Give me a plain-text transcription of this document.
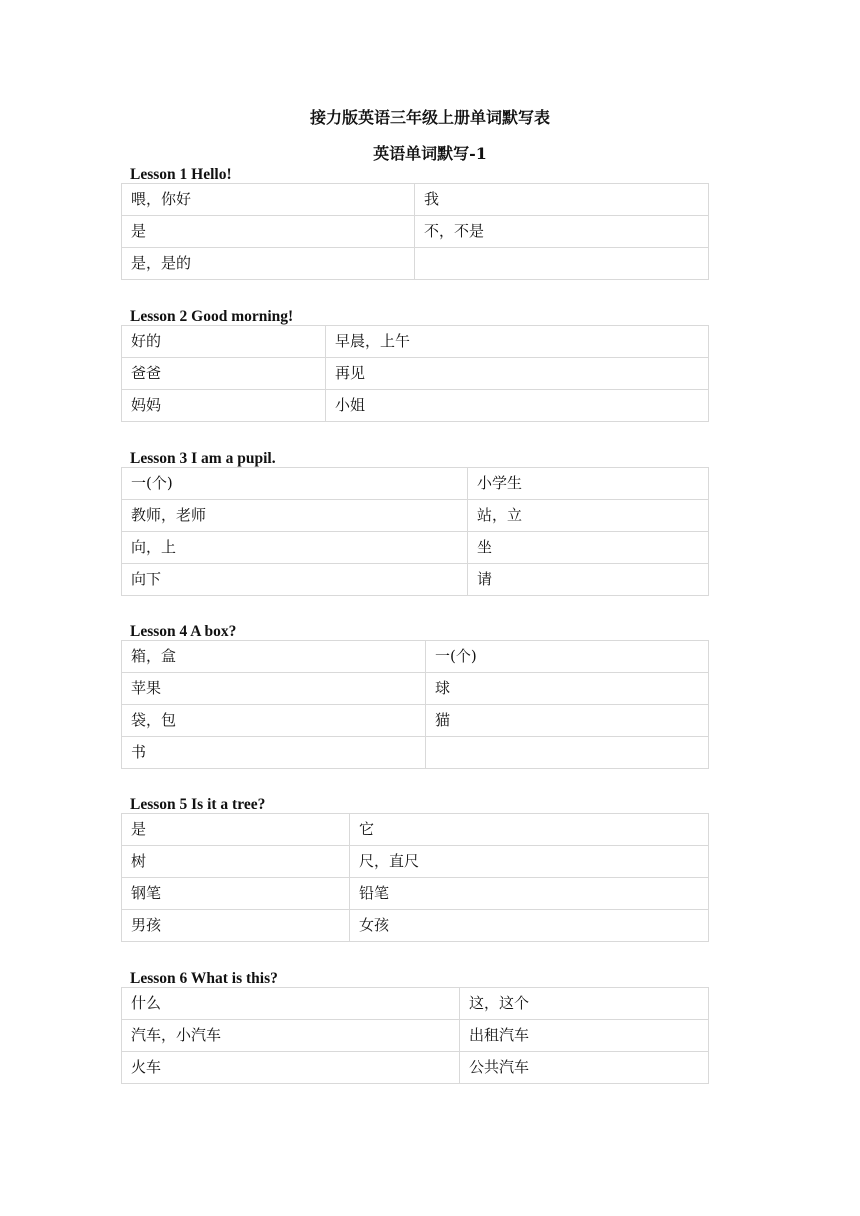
接力版英语三年级上册单词默写表
英语单词默写-1
Lesson 1 Hello!
喂，你好	我
是	不，不是
是，是的	
Lesson 2 Good morning!
好的	早晨，上午
爸爸	再见
妈妈	小姐
Lesson 3 I am a pupil.
一(个)	小学生
教师，老师	站，立
向，上	坐
向下	请
Lesson 4 A box?
箱，盒	一(个)
苹果	球
袋，包	猫
书	
Lesson 5 Is it a tree?
是	它
树	尺，直尺
钢笔	铅笔
男孩	女孩
Lesson 6 What is this?
什么	这，这个
汽车，小汽车	出租汽车
火车	公共汽车
